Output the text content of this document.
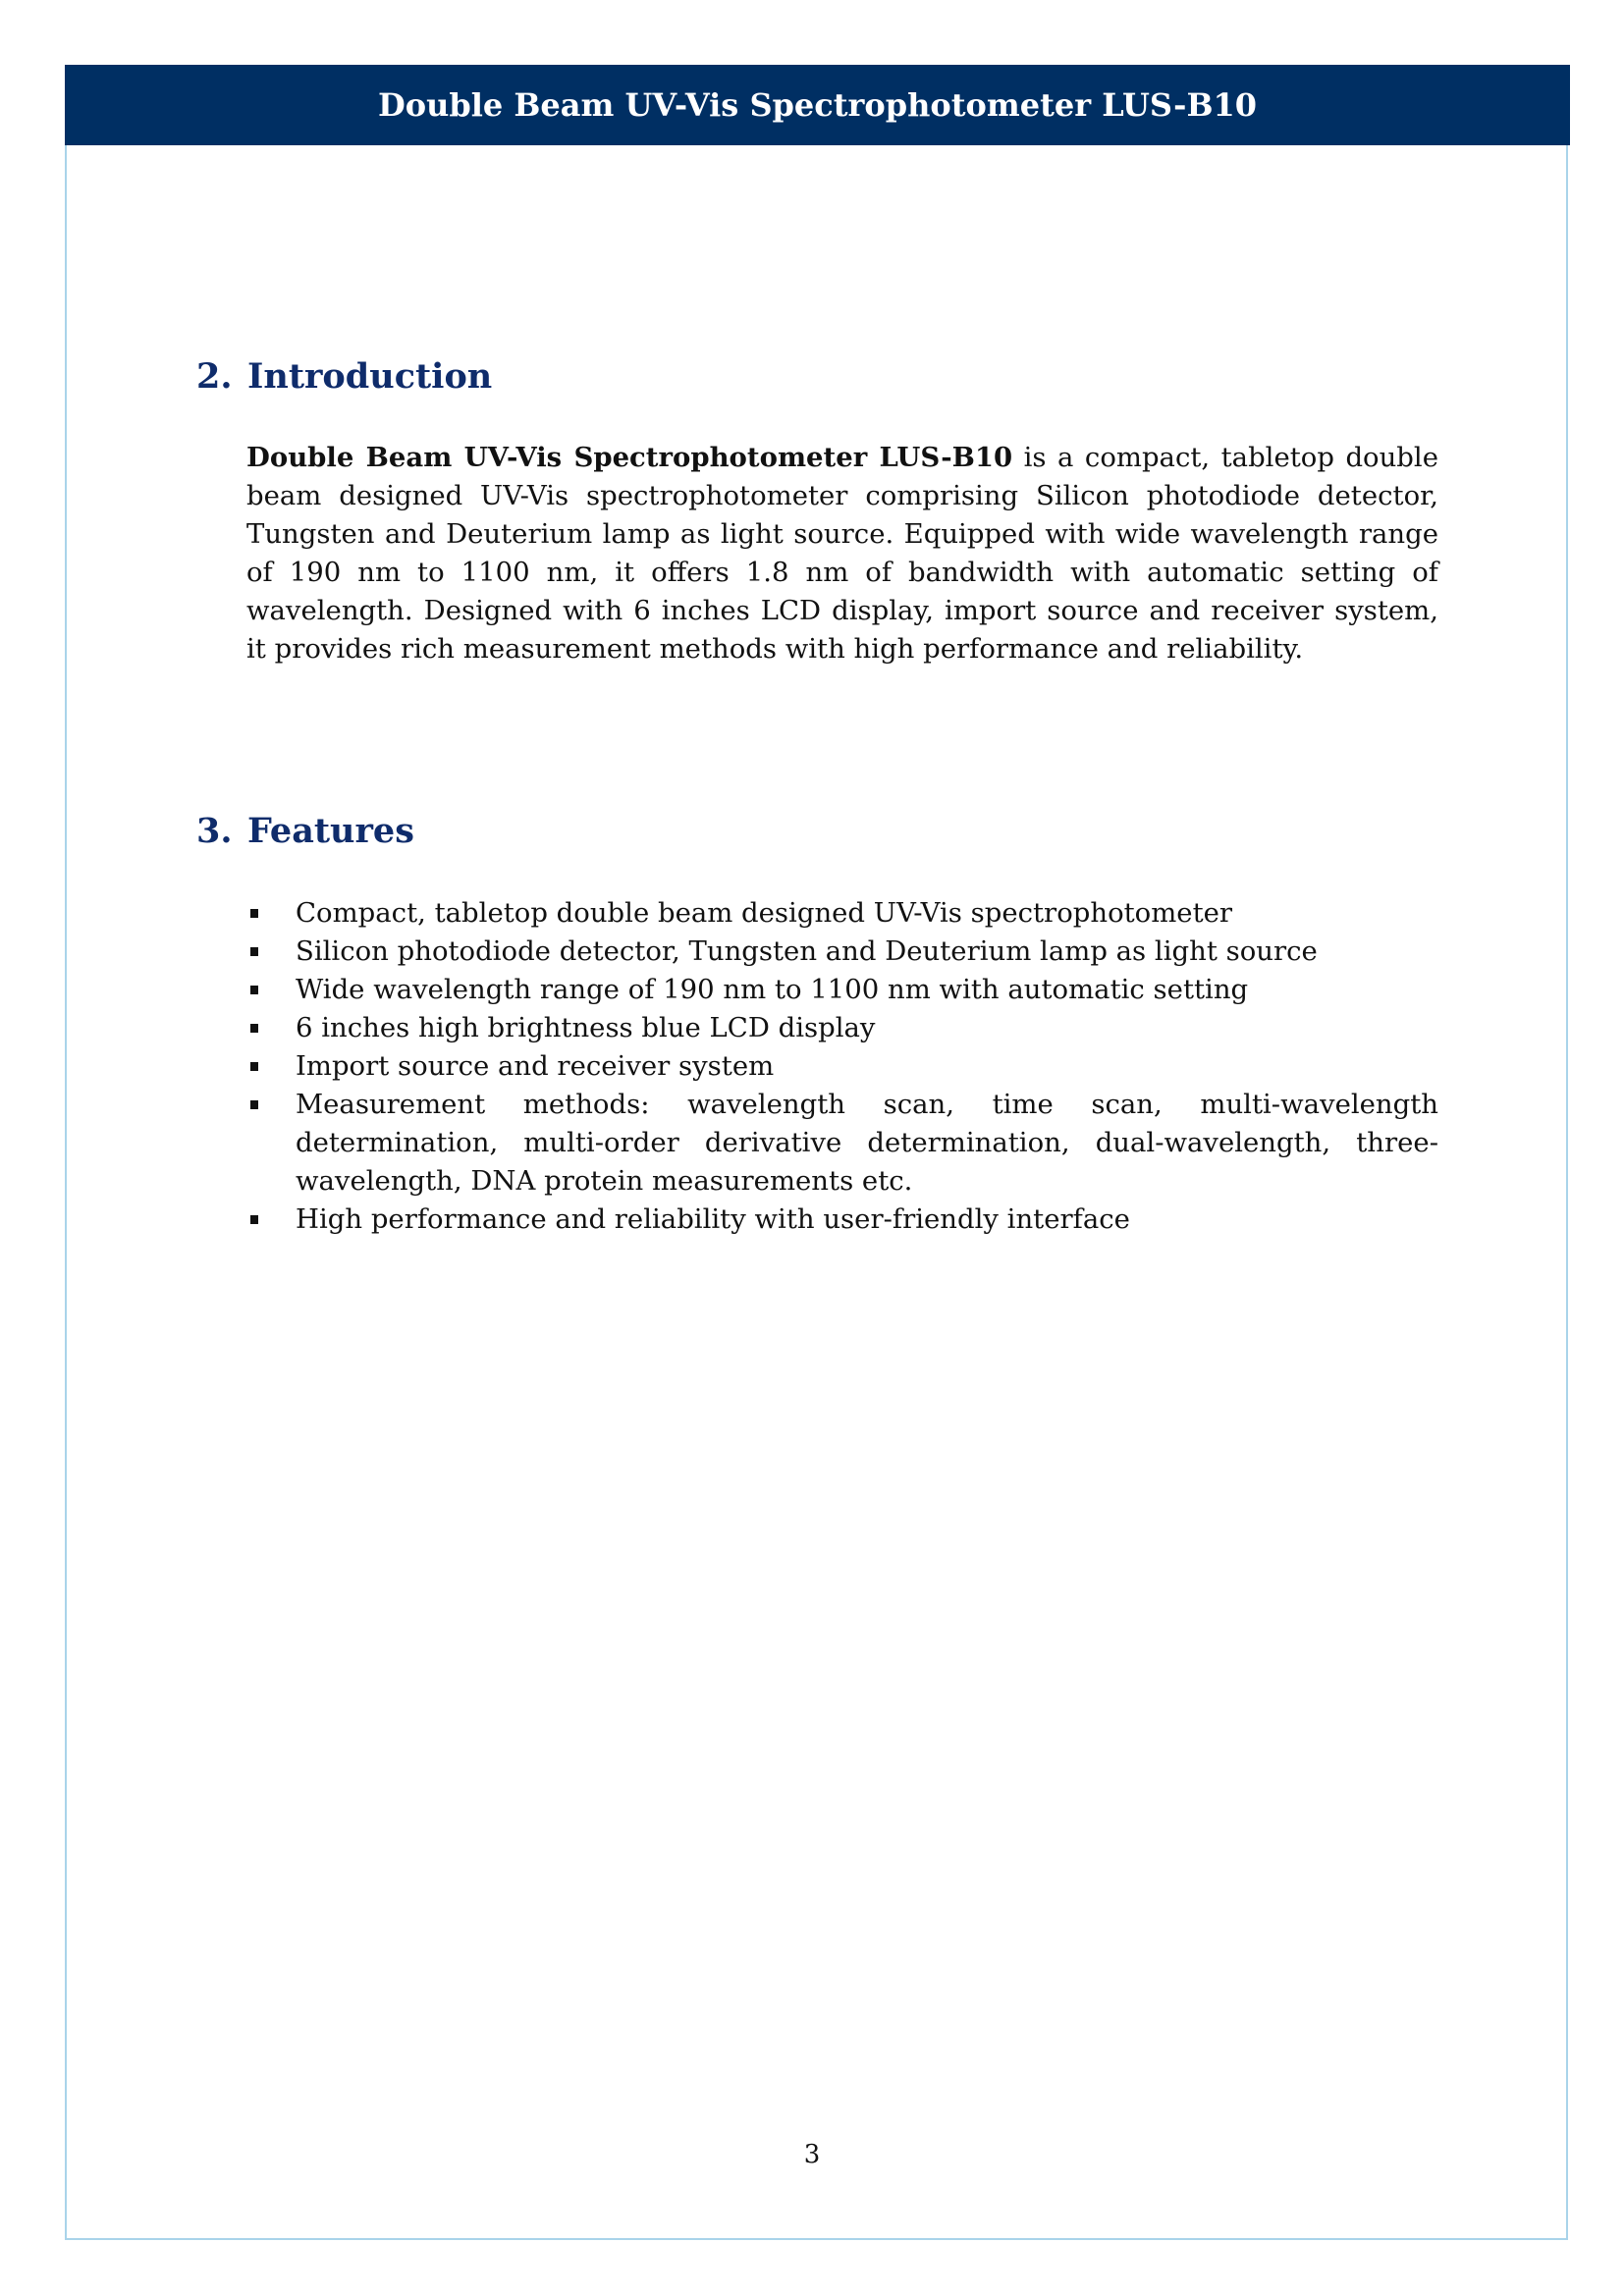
Double Beam UV-Vis Spectrophotometer LUS-B10
2. Introduction

Double Beam UV-Vis Spectrophotometer LUS-B10 is a compact, tabletop double beam designed UV-Vis spectrophotometer comprising Silicon photodiode detector, Tungsten and Deuterium lamp as light source. Equipped with wide wavelength range of 190 nm to 1100 nm, it offers 1.8 nm of bandwidth with automatic setting of wavelength. Designed with 6 inches LCD display, import source and receiver system, it provides rich measurement methods with high performance and reliability.

3. Features
Compact, tabletop double beam designed UV-Vis spectrophotometer
Silicon photodiode detector, Tungsten and Deuterium lamp as light source
Wide wavelength range of 190 nm to 1100 nm with automatic setting
6 inches high brightness blue LCD display
Import source and receiver system
Measurement methods: wavelength scan, time scan, multi-wavelength determination, multi-order derivative determination, dual-wavelength, three-wavelength, DNA protein measurements etc.
High performance and reliability with user-friendly interface
3
